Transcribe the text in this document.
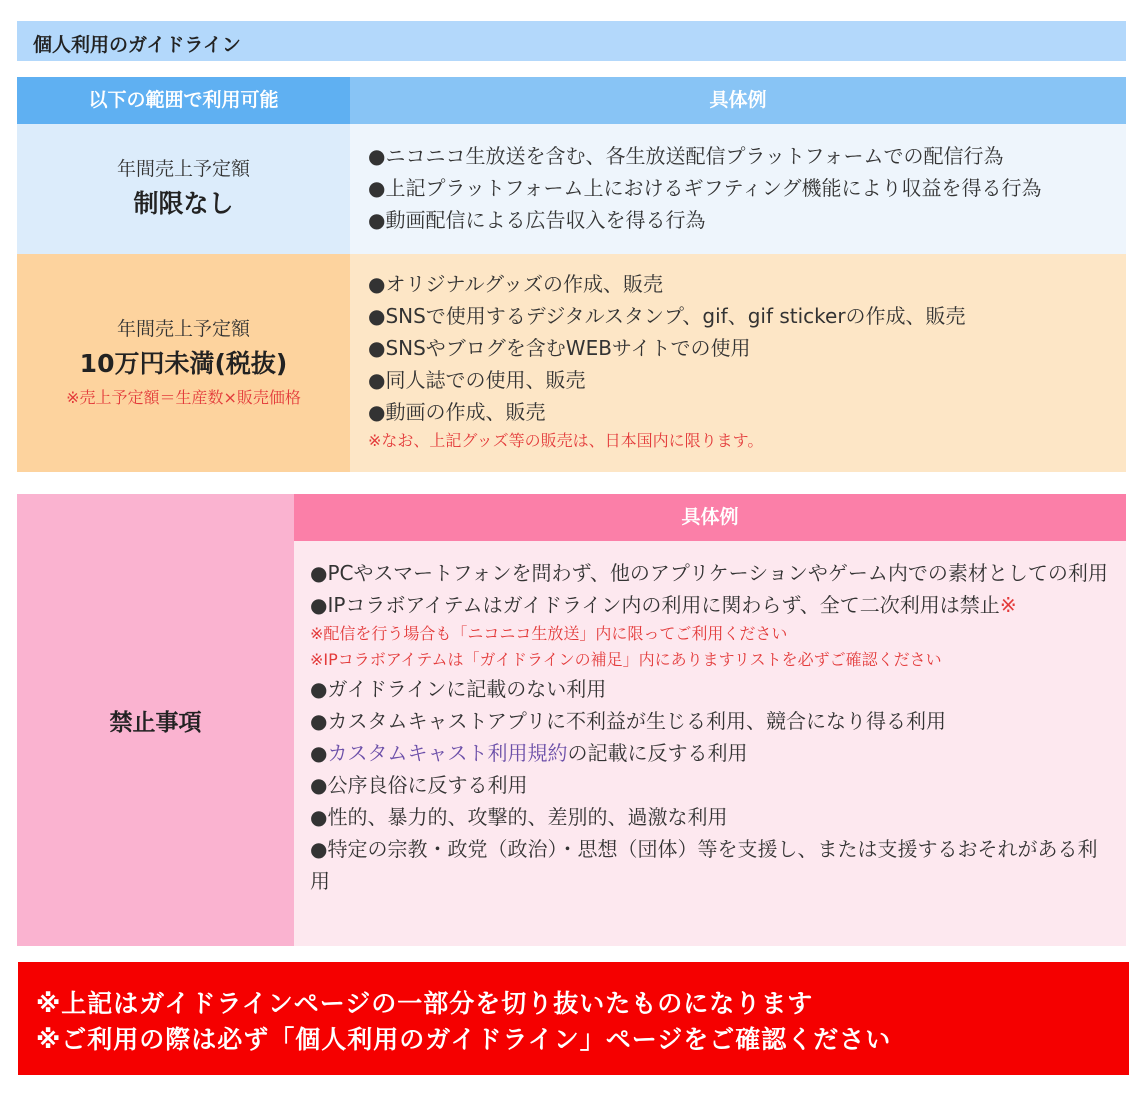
個人利用のガイドライン
以下の範囲で利用可能	具体例
年間売上予定額
制限なし
●ニコニコ生放送を含む、各生放送配信プラットフォームでの配信行為
●上記プラットフォーム上におけるギフティング機能により収益を得る行為
●動画配信による広告収入を得る行為
年間売上予定額
10万円未満(税抜)
※売上予定額＝生産数×販売価格
●オリジナルグッズの作成、販売
●SNSで使用するデジタルスタンプ、gif、gif stickerの作成、販売
●SNSやブログを含むWEBサイトでの使用
●同人誌での使用、販売
●動画の作成、販売
※なお、上記グッズ等の販売は、日本国内に限ります。
禁止事項
具体例
●PCやスマートフォンを問わず、他のアプリケーションやゲーム内での素材としての利用
●IPコラボアイテムはガイドライン内の利用に関わらず、全て二次利用は禁止※
※配信を行う場合も「ニコニコ生放送」内に限ってご利用ください
※IPコラボアイテムは「ガイドラインの補足」内にありますリストを必ずご確認ください
●ガイドラインに記載のない利用
●カスタムキャストアプリに不利益が生じる利用、競合になり得る利用
●カスタムキャスト利用規約の記載に反する利用
●公序良俗に反する利用
●性的、暴力的、攻撃的、差別的、過激な利用
●特定の宗教・政党（政治）・思想（団体）等を支援し、または支援するおそれがある利用
※上記はガイドラインページの一部分を切り抜いたものになります
※ご利用の際は必ず「個人利用のガイドライン」ページをご確認ください
